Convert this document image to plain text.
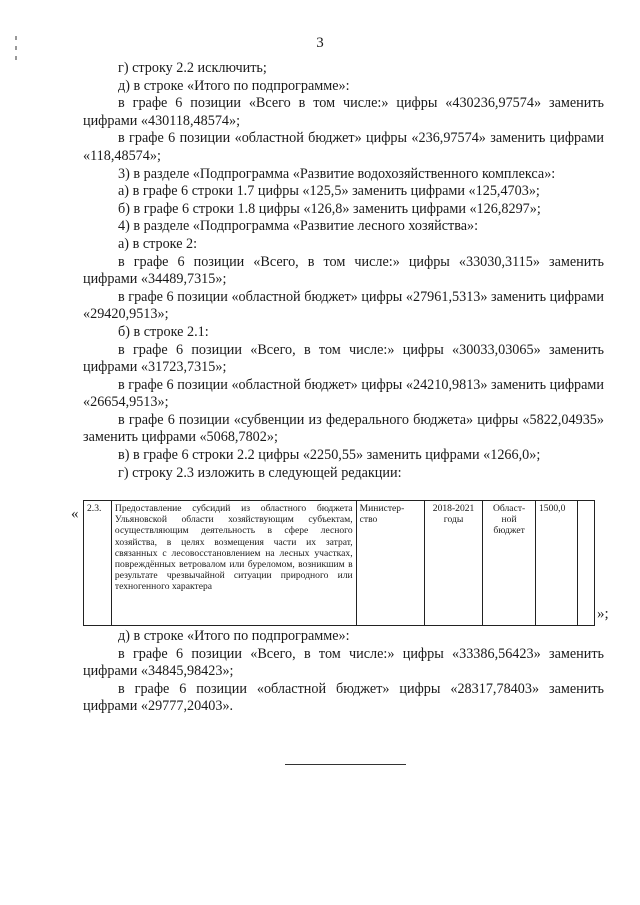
3

г) строку 2.2 исключить;

д) в строке «Итого по подпрограмме»:

в графе 6 позиции «Всего в том числе:» цифры «430236,97574» заменить цифрами «430118,48574»;

в графе 6 позиции «областной бюджет» цифры «236,97574» заменить цифрами «118,48574»;

3) в разделе «Подпрограмма «Развитие водохозяйственного комплекса»:

а) в графе 6 строки 1.7 цифры «125,5» заменить цифрами «125,4703»;

б) в графе 6 строки 1.8 цифры «126,8» заменить цифрами «126,8297»;

4) в разделе «Подпрограмма «Развитие лесного хозяйства»:

а) в строке 2:

в графе 6 позиции «Всего, в том числе:» цифры «33030,3115» заменить цифрами «34489,7315»;

в графе 6 позиции «областной бюджет» цифры «27961,5313» заменить цифрами «29420,9513»;

б) в строке 2.1:

в графе 6 позиции «Всего, в том числе:» цифры «30033,03065» заменить цифрами «31723,7315»;

в графе 6 позиции «областной бюджет» цифры «24210,9813» заменить цифрами «26654,9513»;

в графе 6 позиции «субвенции из федерального бюджета» цифры «5822,04935» заменить цифрами «5068,7802»;

в) в графе 6 строки 2.2 цифры «2250,55» заменить цифрами «1266,0»;

г) строку 2.3 изложить в следующей редакции:

« 2.3.	Предоставление субсидий из областного бюджета Ульяновской области хозяйствующим субъектам, осуществляющим деятельность в сфере лесного хозяйства, в целях возмещения части их затрат, связанных с лесовосстановлением на лесных участках, повреждённых ветровалом или буреломом, возникшим в результате чрезвычайной ситуации природного или техногенного характера	Министер-ство	2018-2021 годы	Област-ной бюджет	1500,0	
»;

д) в строке «Итого по подпрограмме»:

в графе 6 позиции «Всего, в том числе:» цифры «33386,56423» заменить цифрами «34845,98423»;

в графе 6 позиции «областной бюджет» цифры «28317,78403» заменить цифрами «29777,20403».
